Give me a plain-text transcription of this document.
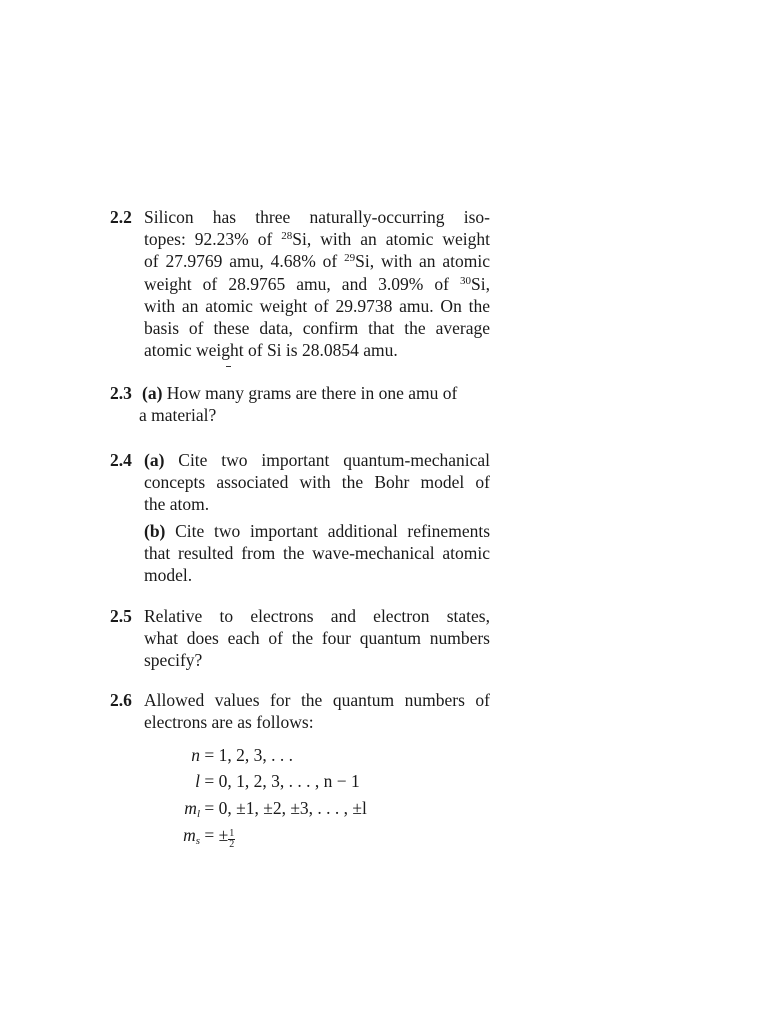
2.2 Silicon has three naturally-occurring iso-
topes: 92.23% of $^{28}$Si, with an atomic weight
of 27.9769 amu, 4.68% of $^{29}$Si, with an atomic
weight of 28.9765 amu, and 3.09% of $^{30}$Si,
with an atomic weight of 29.9738 amu. On the
basis of these data, confirm that the average
atomic weight of Si is 28.0854 amu.
2.3 (a) How many grams are there in one amu of
a material?
2.4 (a) Cite two important quantum-mechanical
concepts associated with the Bohr model of
the atom.
(b) Cite two important additional refinements
that resulted from the wave-mechanical atomic
model.
2.5 Relative to electrons and electron states,
what does each of the four quantum numbers
specify?
2.6 Allowed values for the quantum numbers of
electrons are as follows:
n = 1, 2, 3, . . .
l = 0, 1, 2, 3, . . . , n − 1
$m_l = 0$, ±1, ±2, ±3, . . . , ±l
$m_s$ = ± $\frac{1}{2}$
